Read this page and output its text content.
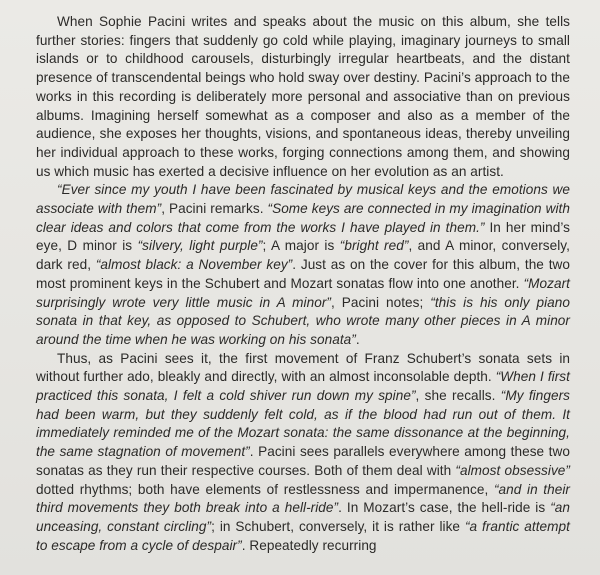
When Sophie Pacini writes and speaks about the music on this album, she tells further stories: fingers that suddenly go cold while playing, imaginary journeys to small islands or to childhood carousels, disturbingly irregular heartbeats, and the distant presence of transcendental beings who hold sway over destiny. Pacini’s approach to the works in this recording is deliberately more personal and associative than on previous albums. Imagining herself somewhat as a composer and also as a member of the audience, she exposes her thoughts, visions, and spontaneous ideas, thereby unveiling her individual approach to these works, forging connections among them, and showing us which music has exerted a decisive influence on her evolution as an artist.

“Ever since my youth I have been fascinated by musical keys and the emotions we associate with them”, Pacini remarks. “Some keys are connected in my imagination with clear ideas and colors that come from the works I have played in them.” In her mind’s eye, D minor is “silvery, light purple”; A major is “bright red”, and A minor, conversely, dark red, “almost black: a November key”. Just as on the cover for this album, the two most prominent keys in the Schubert and Mozart sonatas flow into one another. “Mozart surprisingly wrote very little music in A minor”, Pacini notes; “this is his only piano sonata in that key, as opposed to Schubert, who wrote many other pieces in A minor around the time when he was working on his sonata”.

Thus, as Pacini sees it, the first movement of Franz Schubert’s sonata sets in without further ado, bleakly and directly, with an almost inconsolable depth. “When I first practiced this sonata, I felt a cold shiver run down my spine”, she recalls. “My fingers had been warm, but they suddenly felt cold, as if the blood had run out of them. It immediately reminded me of the Mozart sonata: the same dissonance at the beginning, the same stagnation of movement”. Pacini sees parallels everywhere among these two sonatas as they run their respective courses. Both of them deal with “almost obsessive” dotted rhythms; both have elements of restlessness and impermanence, “and in their third movements they both break into a hell-ride”. In Mozart’s case, the hell-ride is “an unceasing, constant circling”; in Schubert, conversely, it is rather like “a frantic attempt to escape from a cycle of despair”. Repeatedly recurring
